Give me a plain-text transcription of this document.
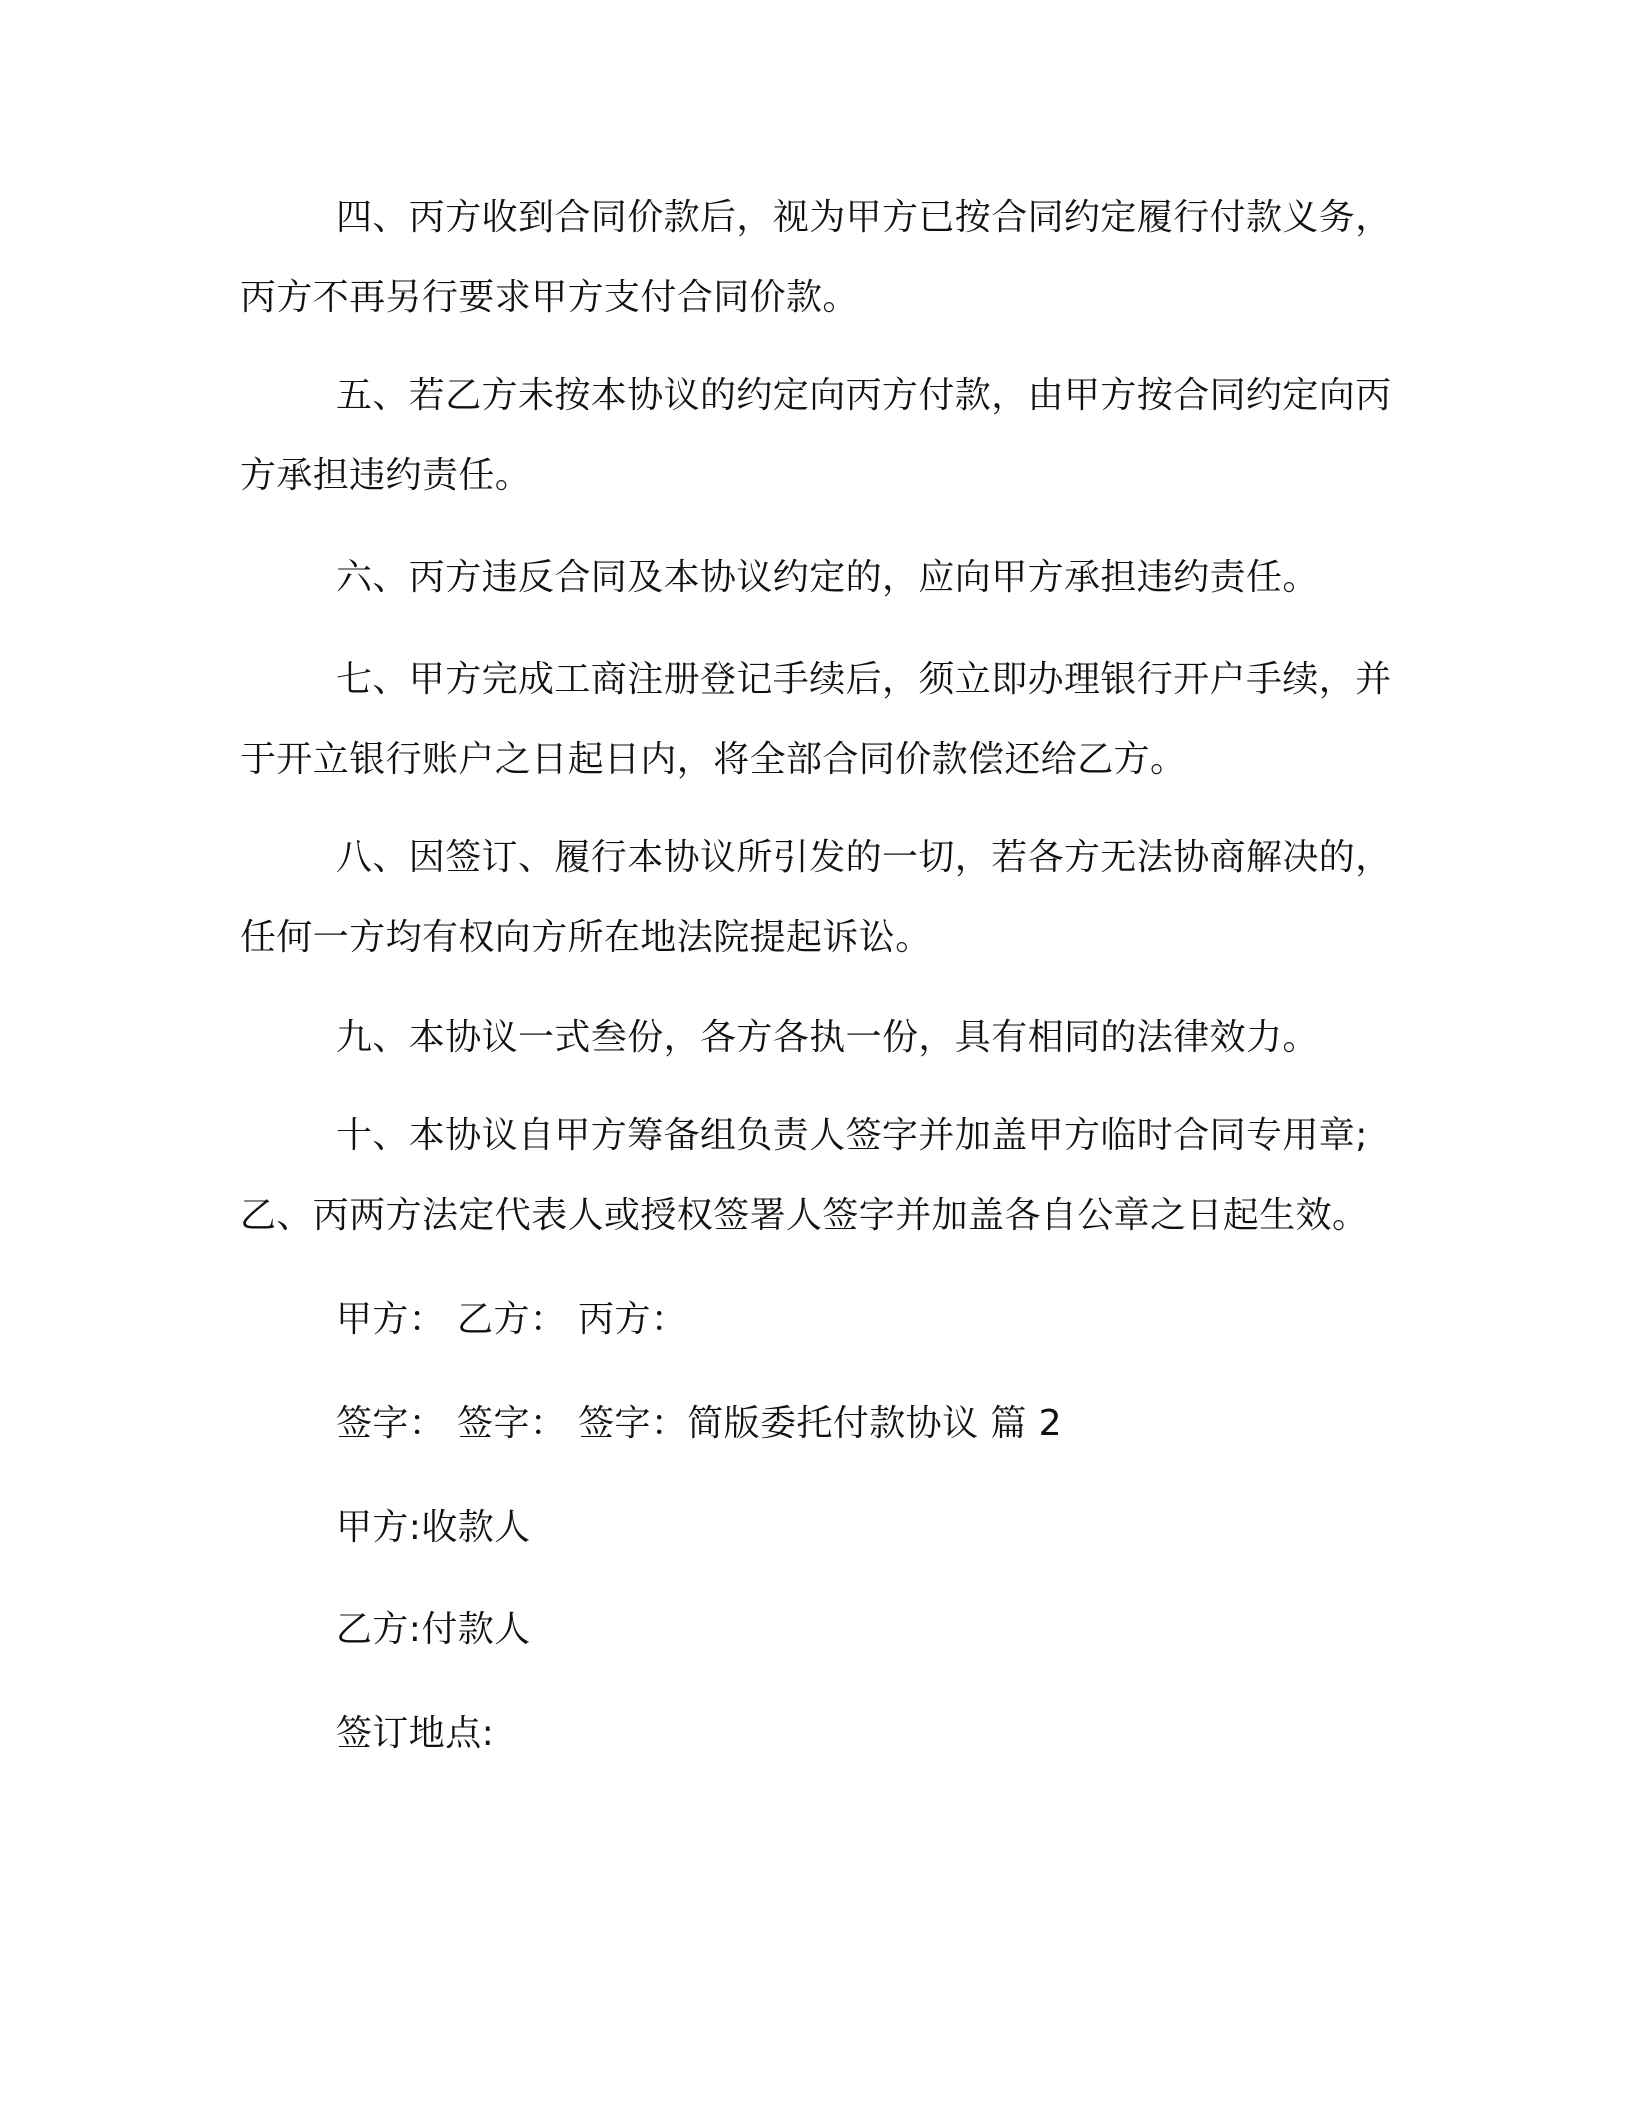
四、丙方收到合同价款后，视为甲方已按合同约定履行付款义务，丙方不再另行要求甲方支付合同价款。

五、若乙方未按本协议的约定向丙方付款，由甲方按合同约定向丙方承担违约责任。

六、丙方违反合同及本协议约定的，应向甲方承担违约责任。

七、甲方完成工商注册登记手续后，须立即办理银行开户手续，并于开立银行账户之日起日内，将全部合同价款偿还给乙方。

八、因签订、履行本协议所引发的一切，若各方无法协商解决的，任何一方均有权向方所在地法院提起诉讼。

九、本协议一式叁份，各方各执一份，具有相同的法律效力。

十、本协议自甲方筹备组负责人签字并加盖甲方临时合同专用章;乙、丙两方法定代表人或授权签署人签字并加盖各自公章之日起生效。

甲方： 乙方： 丙方：

签字： 签字： 签字：简版委托付款协议 篇 2

甲方:收款人

乙方:付款人

签订地点:
